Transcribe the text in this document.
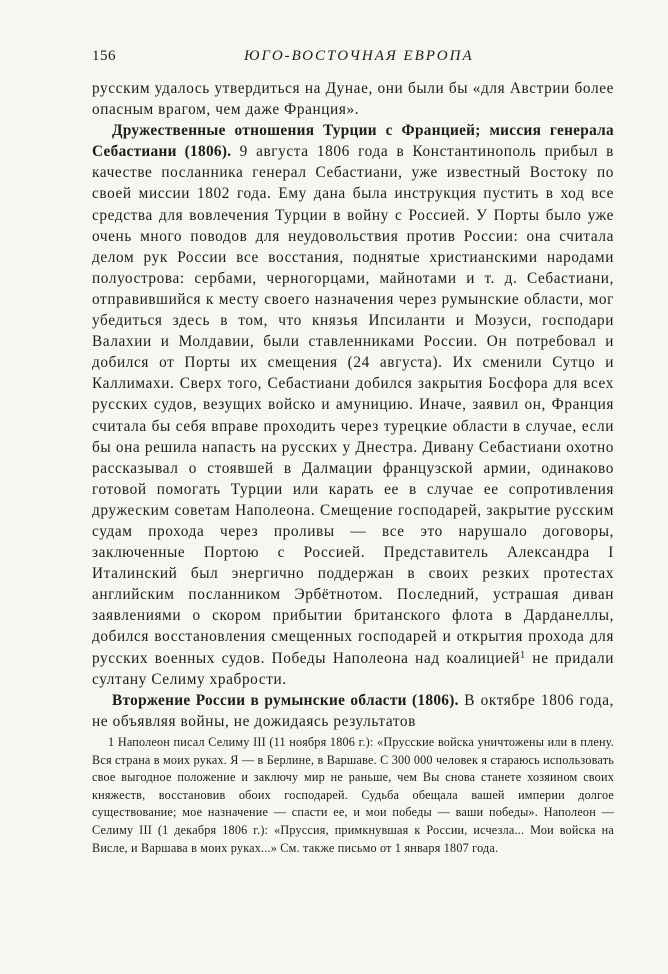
156	ЮГО-ВОСТОЧНАЯ ЕВРОПА

русским удалось утвердиться на Дунае, они были бы «для Австрии более опасным врагом, чем даже Франция».

Дружественные отношения Турции с Францией; миссия генерала Себастиани (1806). 9 августа 1806 года в Константинополь прибыл в качестве посланника генерал Себастиани, уже известный Востоку по своей миссии 1802 года. Ему дана была инструкция пустить в ход все средства для вовлечения Турции в войну с Россией. У Порты было уже очень много поводов для неудовольствия против России: она считала делом рук России все восстания, поднятые христианскими народами полуострова: сербами, черногорцами, майнотами и т. д. Себастиани, отправившийся к месту своего назначения через румынские области, мог убедиться здесь в том, что князья Ипсиланти и Мозуси, господари Валахии и Молдавии, были ставленниками России. Он потребовал и добился от Порты их смещения (24 августа). Их сменили Сутцо и Каллимахи. Сверх того, Себастиани добился закрытия Босфора для всех русских судов, везущих войско и амуницию. Иначе, заявил он, Франция считала бы себя вправе проходить через турецкие области в случае, если бы она решила напасть на русских у Днестра. Дивану Себастиани охотно рассказывал о стоявшей в Далмации французской армии, одинаково готовой помогать Турции или карать ее в случае ее сопротивления дружеским советам Наполеона. Смещение господарей, закрытие русским судам прохода через проливы — все это нарушало договоры, заключенные Портою с Россией. Представитель Александра I Италинский был энергично поддержан в своих резких протестах английским посланником Эрбётнотом. Последний, устрашая диван заявлениями о скором прибытии британского флота в Дарданеллы, добился восстановления смещенных господарей и открытия прохода для русских военных судов. Победы Наполеона над коалицией$^1$ не придали султану Селиму храбрости.

Вторжение России в румынские области (1806). В октябре 1806 года, не объявляя войны, не дожидаясь результатов

1 Наполеон писал Селиму III (11 ноября 1806 г.): «Прусские войска уничтожены или в плену. Вся страна в моих руках. Я — в Берлине, в Варшаве. С 300 000 человек я стараюсь использовать свое выгодное положение и заключу мир не раньше, чем Вы снова станете хозяином своих княжеств, восстановив обоих господарей. Судьба обещала вашей империи долгое существование; мое назначение — спасти ее, и мои победы — ваши победы». Наполеон — Селиму III (1 декабря 1806 г.): «Пруссия, примкнувшая к России, исчезла... Мои войска на Висле, и Варшава в моих руках...» См. также письмо от 1 января 1807 года.
